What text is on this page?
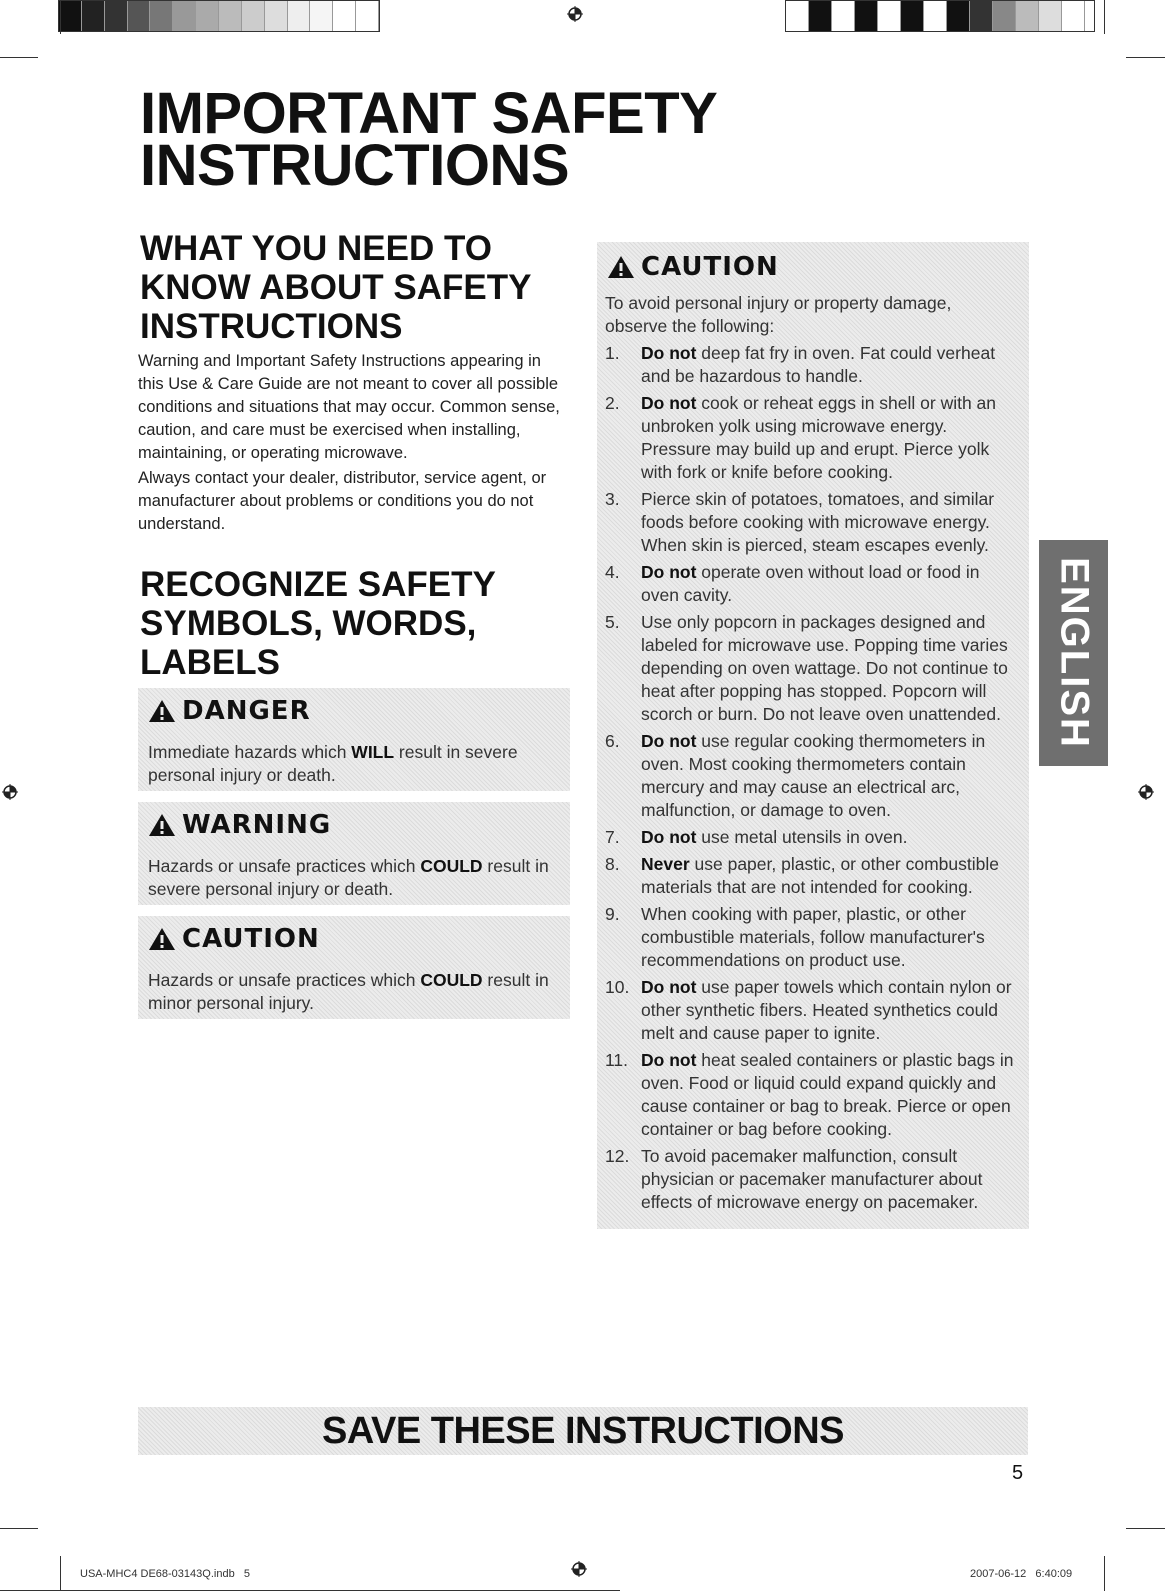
IMPORTANT SAFETY
INSTRUCTIONS
WHAT YOU NEED TO KNOW ABOUT SAFETY INSTRUCTIONS
Warning and Important Safety Instructions appearing in this Use & Care Guide are not meant to cover all possible conditions and situations that may occur. Common sense, caution, and care must be exercised when installing, maintaining, or operating microwave.
Always contact your dealer, distributor, service agent, or manufacturer about problems or conditions you do not understand.
RECOGNIZE SAFETY SYMBOLS, WORDS, LABELS
DANGER
Immediate hazards which WILL result in severe personal injury or death.
WARNING
Hazards or unsafe practices which COULD result in severe personal injury or death.
CAUTION
Hazards or unsafe practices which COULD result in minor personal injury.
CAUTION
To avoid personal injury or property damage, observe the following:
1. Do not deep fat fry in oven. Fat could verheat and be hazardous to handle.
2. Do not cook or reheat eggs in shell or with an unbroken yolk using microwave energy. Pressure may build up and erupt. Pierce yolk with fork or knife before cooking.
3. Pierce skin of potatoes, tomatoes, and similar foods before cooking with microwave energy. When skin is pierced, steam escapes evenly.
4. Do not operate oven without load or food in oven cavity.
5. Use only popcorn in packages designed and labeled for microwave use. Popping time varies depending on oven wattage. Do not continue to heat after popping has stopped. Popcorn will scorch or burn. Do not leave oven unattended.
6. Do not use regular cooking thermometers in oven. Most cooking thermometers contain mercury and may cause an electrical arc, malfunction, or damage to oven.
7. Do not use metal utensils in oven.
8. Never use paper, plastic, or other combustible materials that are not intended for cooking.
9. When cooking with paper, plastic, or other combustible materials, follow manufacturer's recommendations on product use.
10. Do not use paper towels which contain nylon or other synthetic fibers. Heated synthetics could melt and cause paper to ignite.
11. Do not heat sealed containers or plastic bags in oven. Food or liquid could expand quickly and cause container or bag to break. Pierce or open container or bag before cooking.
12. To avoid pacemaker malfunction, consult physician or pacemaker manufacturer about effects of microwave energy on pacemaker.
ENGLISH
SAVE THESE INSTRUCTIONS
5
USA-MHC4 DE68-03143Q.indb   5	2007-06-12   6:40:09
